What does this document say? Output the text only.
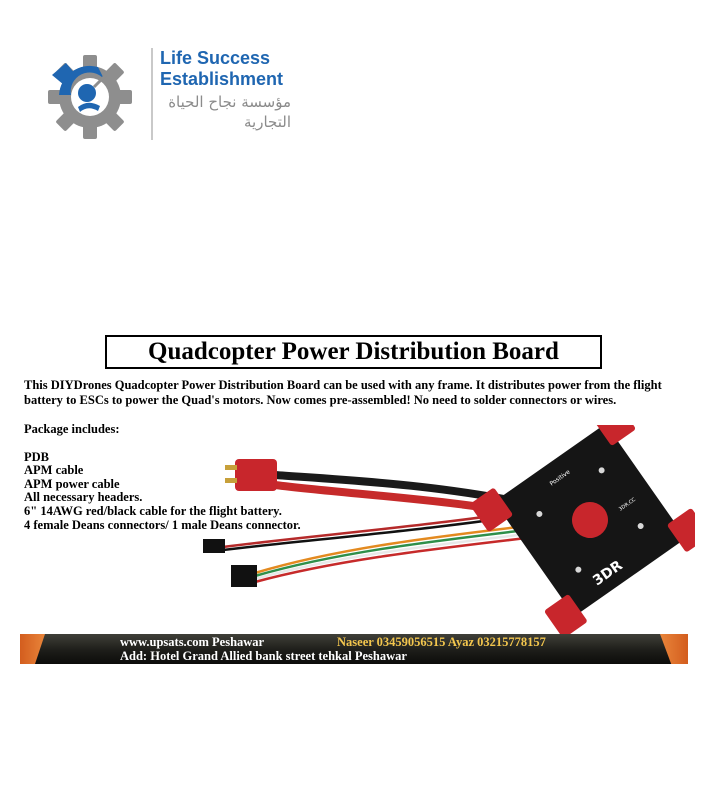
Life Success
Establishment
مؤسسة نجاح الحياة
التجارية
Quadcopter Power Distribution Board
This DIYDrones Quadcopter Power Distribution Board can be used with any frame. It distributes power from the flight battery to ESCs to power the Quad's motors. Now comes pre-assembled! No need to solder connectors or wires.
Package includes:
PDB
APM cable
APM power cable
All necessary headers.
6" 14AWG red/black cable for the flight battery.
4 female Deans connectors/ 1 male Deans connector.
Positive
3DR
3DR.CC
www.upsats.com Peshawar	Naseer 03459056515 Ayaz 03215778157
Add: Hotel Grand Allied bank street tehkal Peshawar
